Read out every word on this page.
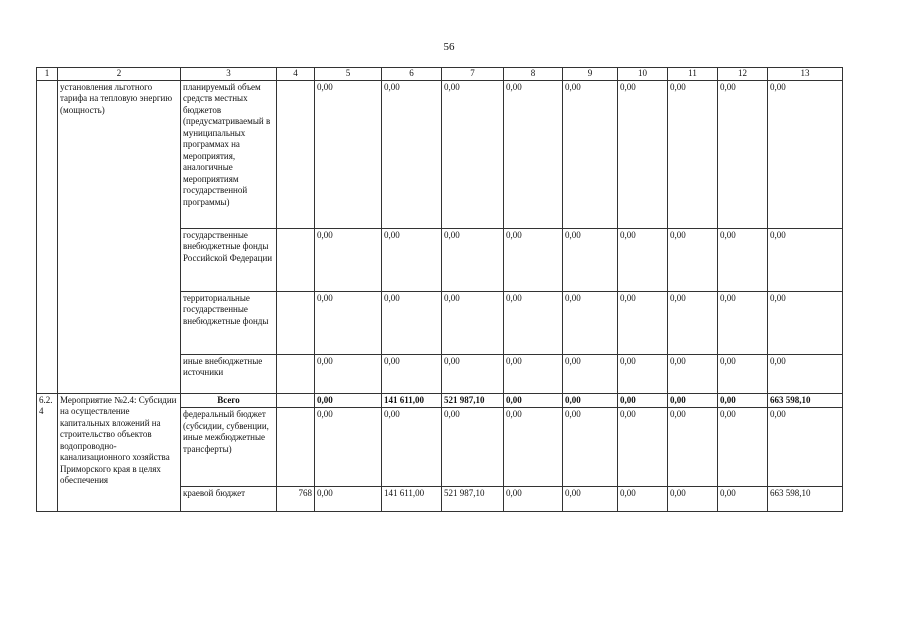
56
1	2	3	4	5	6	7	8	9	10	11	12	13
	установления льготного тарифа на тепловую энергию (мощность)	планируемый объем средств местных бюджетов (предусматриваемый в муниципальных программах на мероприятия, аналогичные мероприятиям государственной программы)		0,00	0,00	0,00	0,00	0,00	0,00	0,00	0,00	0,00
		государственные внебюджетные фонды Российской Федерации		0,00	0,00	0,00	0,00	0,00	0,00	0,00	0,00	0,00
		территориальные государственные внебюджетные фонды		0,00	0,00	0,00	0,00	0,00	0,00	0,00	0,00	0,00
		иные внебюджетные источники		0,00	0,00	0,00	0,00	0,00	0,00	0,00	0,00	0,00
6.2.4	Мероприятие №2.4: Субсидии на осуществление капитальных вложений на строительство объектов водопроводно-канализационного хозяйства Приморского края в целях обеспечения	Всего		0,00	141 611,00	521 987,10	0,00	0,00	0,00	0,00	0,00	663 598,10
		федеральный бюджет (субсидии, субвенции, иные межбюджетные трансферты)		0,00	0,00	0,00	0,00	0,00	0,00	0,00	0,00	0,00
		краевой бюджет	768	0,00	141 611,00	521 987,10	0,00	0,00	0,00	0,00	0,00	663 598,10
